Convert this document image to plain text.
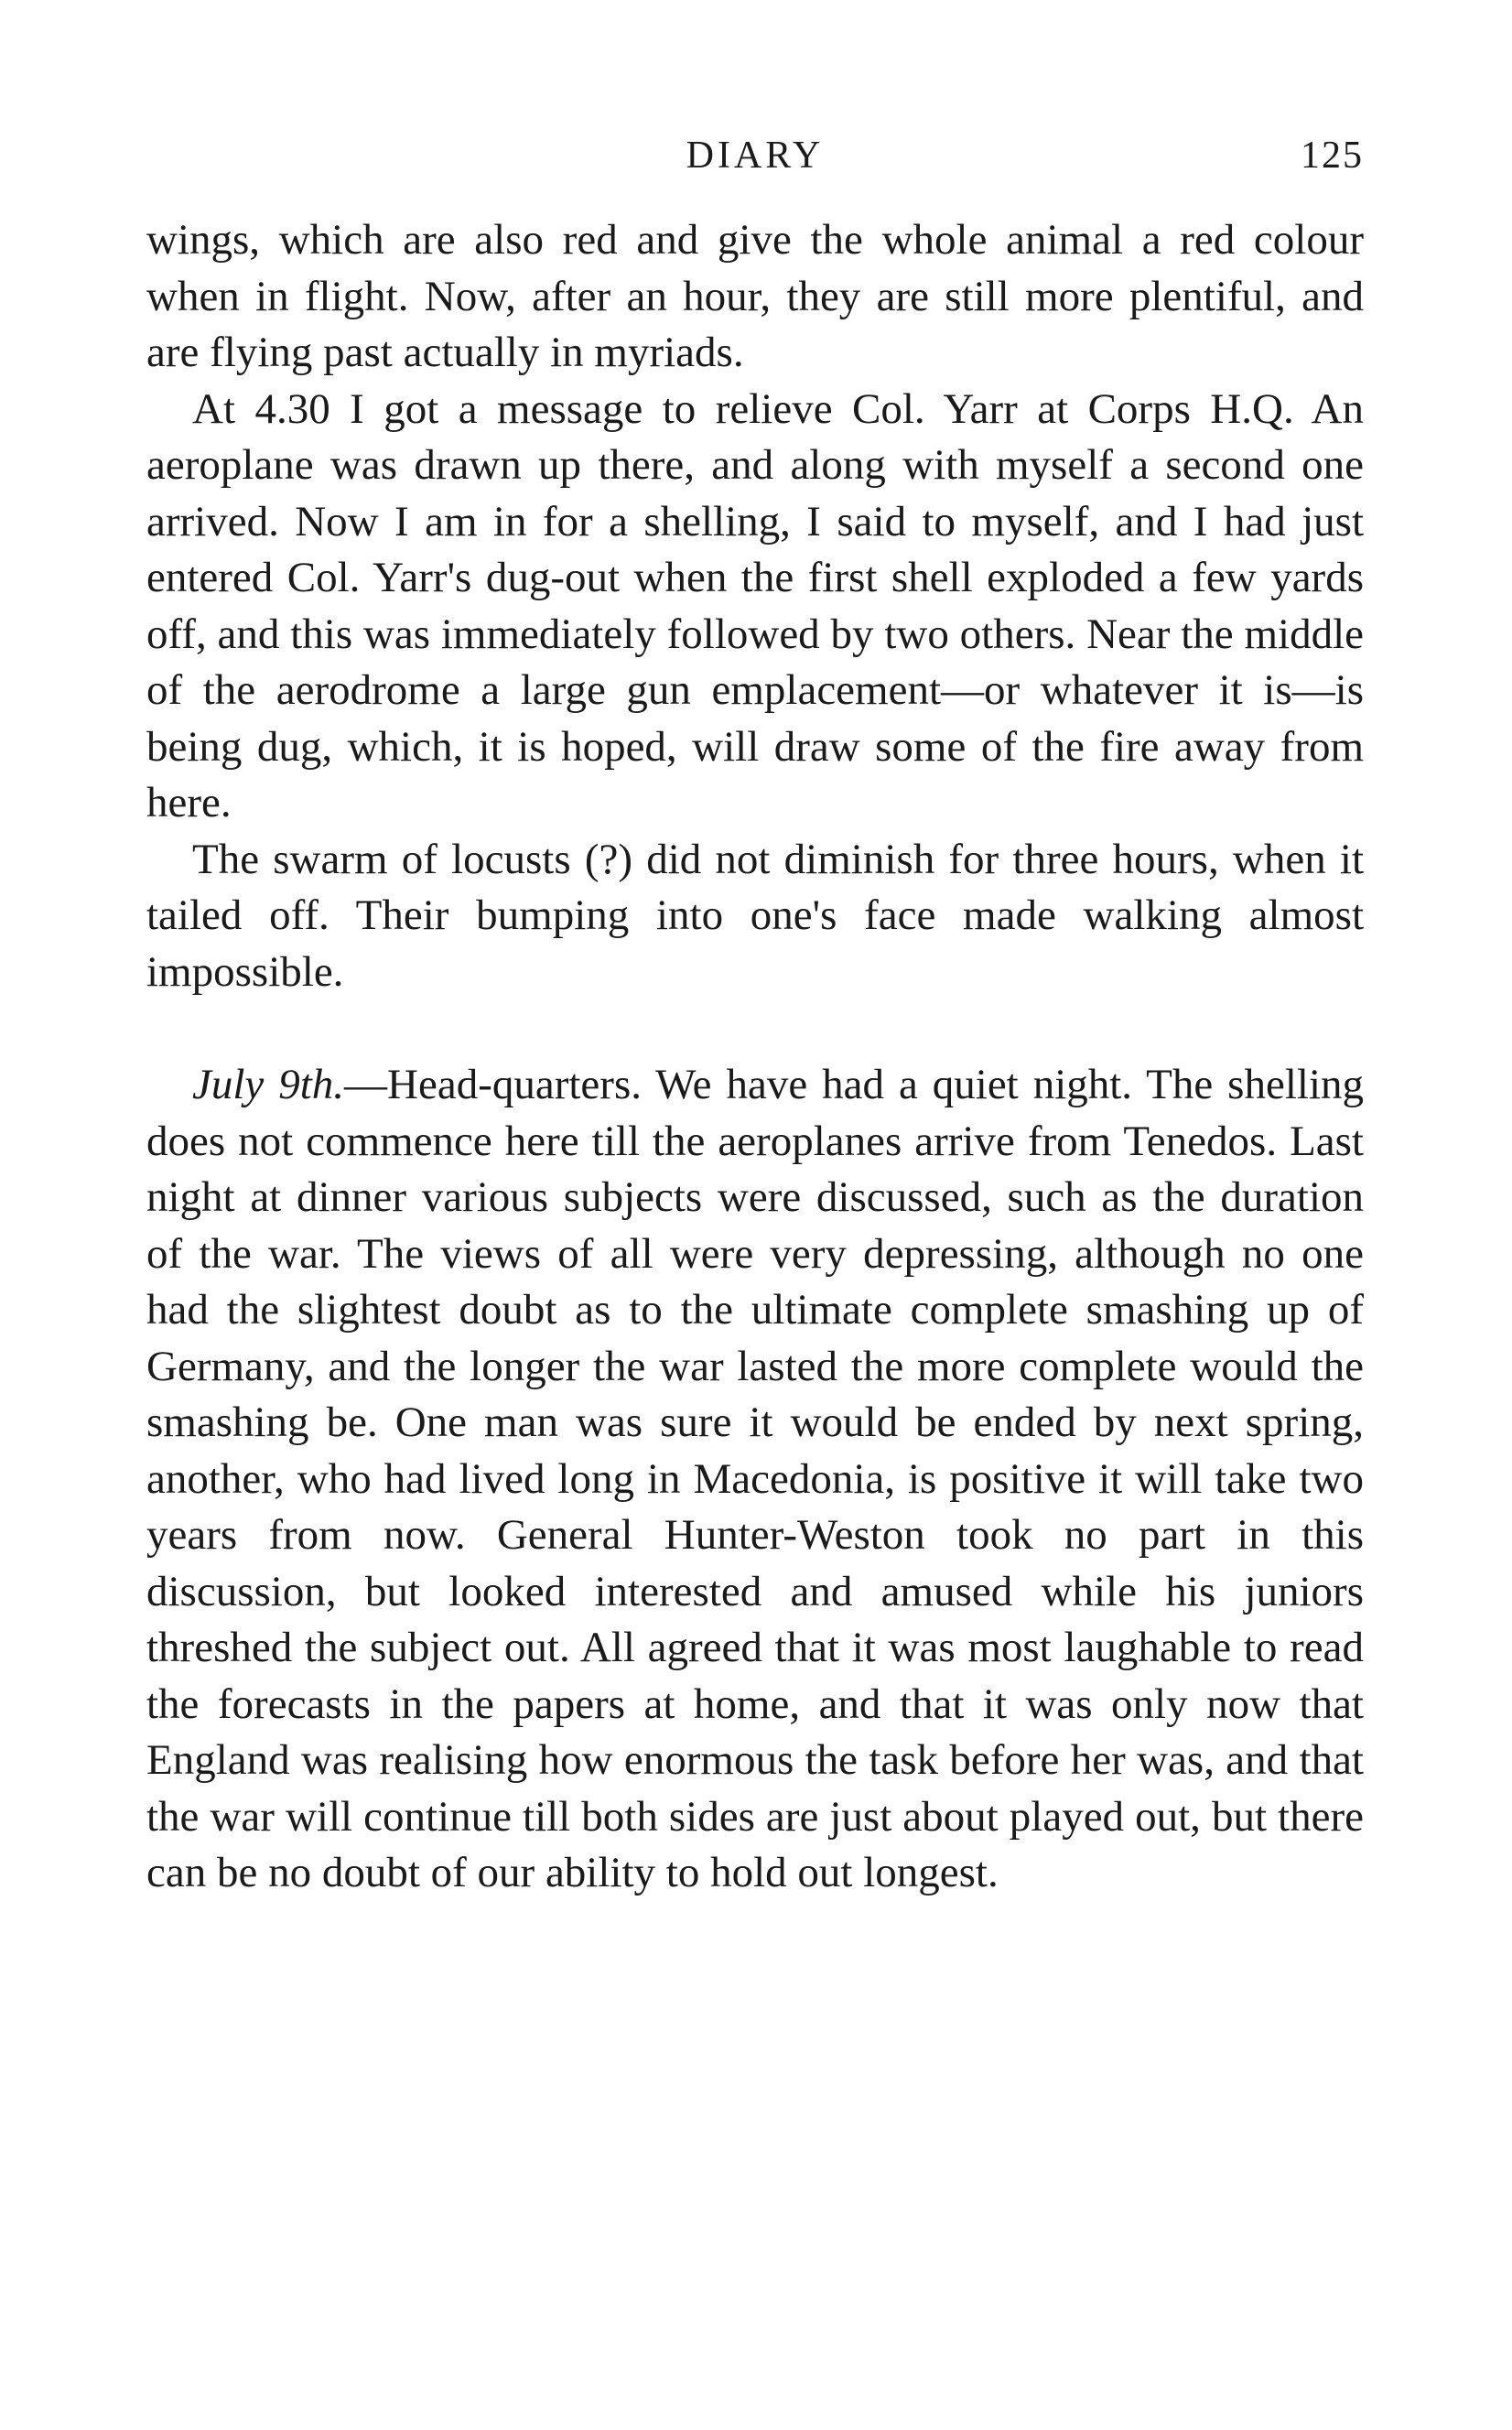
DIARY	125

wings, which are also red and give the whole animal a red colour when in flight. Now, after an hour, they are still more plentiful, and are flying past actually in myriads.

At 4.30 I got a message to relieve Col. Yarr at Corps H.Q. An aeroplane was drawn up there, and along with myself a second one arrived. Now I am in for a shelling, I said to myself, and I had just entered Col. Yarr's dug-out when the first shell exploded a few yards off, and this was immediately followed by two others. Near the middle of the aerodrome a large gun emplacement—or whatever it is—is being dug, which, it is hoped, will draw some of the fire away from here.

The swarm of locusts (?) did not diminish for three hours, when it tailed off. Their bumping into one's face made walking almost impossible.

July 9th.—Head-quarters. We have had a quiet night. The shelling does not commence here till the aeroplanes arrive from Tenedos. Last night at dinner various subjects were discussed, such as the duration of the war. The views of all were very depressing, although no one had the slightest doubt as to the ultimate complete smashing up of Germany, and the longer the war lasted the more complete would the smashing be. One man was sure it would be ended by next spring, another, who had lived long in Macedonia, is positive it will take two years from now. General Hunter-Weston took no part in this discussion, but looked interested and amused while his juniors threshed the subject out. All agreed that it was most laughable to read the forecasts in the papers at home, and that it was only now that England was realising how enormous the task before her was, and that the war will continue till both sides are just about played out, but there can be no doubt of our ability to hold out longest.
